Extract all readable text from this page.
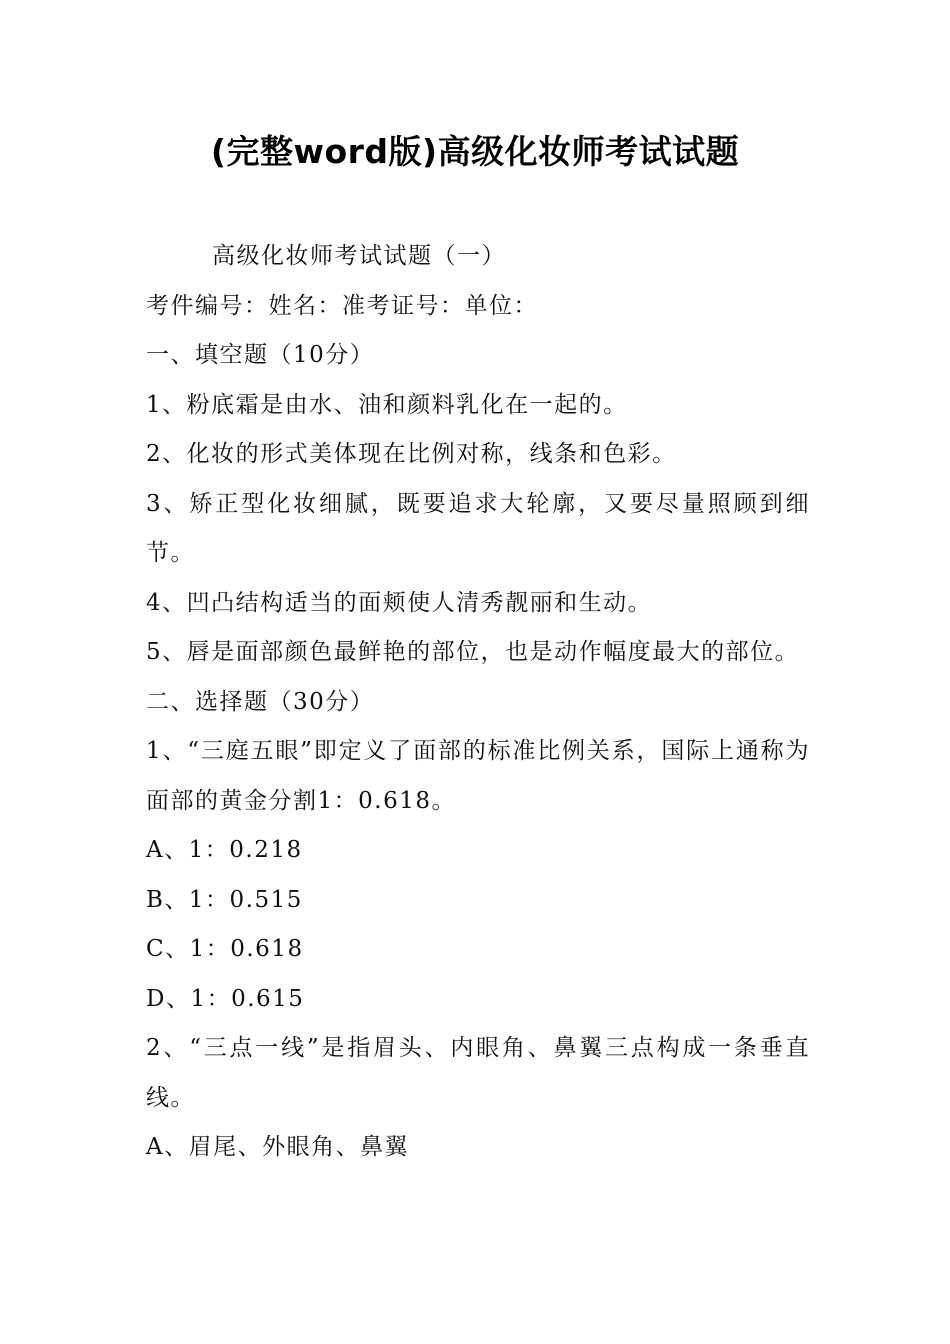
(完整word版)高级化妆师考试试题

高级化妆师考试试题（一）

考件编号：姓名：准考证号：单位：

一、填空题（10分）

1、粉底霜是由水、油和颜料乳化在一起的。

2、化妆的形式美体现在比例对称，线条和色彩。

3、矫正型化妆细腻，既要追求大轮廓，又要尽量照顾到细节。

4、凹凸结构适当的面颊使人清秀靓丽和生动。

5、唇是面部颜色最鲜艳的部位，也是动作幅度最大的部位。

二、选择题（30分）

1、“三庭五眼”即定义了面部的标准比例关系，国际上通称为面部的黄金分割1：0.618。

A、1：0.218

B、1：0.515

C、1：0.618

D、1：0.615

2、“三点一线”是指眉头、内眼角、鼻翼三点构成一条垂直线。

A、眉尾、外眼角、鼻翼
